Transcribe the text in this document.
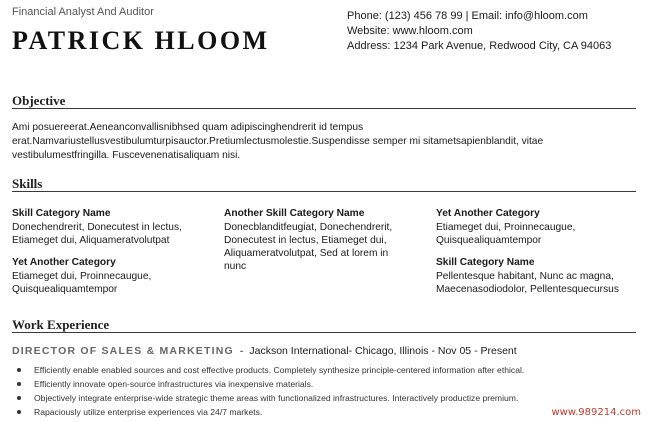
Financial Analyst And Auditor
PATRICK HLOOM
Phone: (123) 456 78 99 | Email: info@hloom.com
Website: www.hloom.com
Address: 1234 Park Avenue, Redwood City, CA 94063
Objective
Ami posuereerat.Aeneanconvallisnibhsed quam adipiscinghendrerit id tempus erat.Namvariustellusvestibulumturpisauctor.Pretiumlectusmolestie.Suspendisse semper mi sitametsapienblandit, vitae vestibulumestfringilla. Fuscevenenatisaliquam nisi.
Skills
Skill Category Name
Donechendrerit, Donecutest in lectus,
Etiameget dui, Aliquameratvolutpat
Yet Another Category
Etiameget dui, Proinnecaugue,
Quisquealiquamtempor
Another Skill Category Name
Donecblanditfeugiat, Donechendrerit,
Donecutest in lectus, Etiameget dui,
Aliquameratvolutpat, Sed at lorem in
nunc
Yet Another Category
Etiameget dui, Proinnecaugue,
Quisquealiquamtempor
Skill Category Name
Pellentesque habitant, Nunc ac magna,
Maecenasodiodolor, Pellentesquecursus
Work Experience
DIRECTOR OF SALES & MARKETING - Jackson International- Chicago, Illinois - Nov 05 - Present
Efficiently enable enabled sources and cost effective products. Completely synthesize principle-centered information after ethical.
Efficiently innovate open-source infrastructures via inexpensive materials.
Objectively integrate enterprise-wide strategic theme areas with functionalized infrastructures. Interactively productize premium.
Rapaciously utilize enterprise experiences via 24/7 markets.	www.989214.com
